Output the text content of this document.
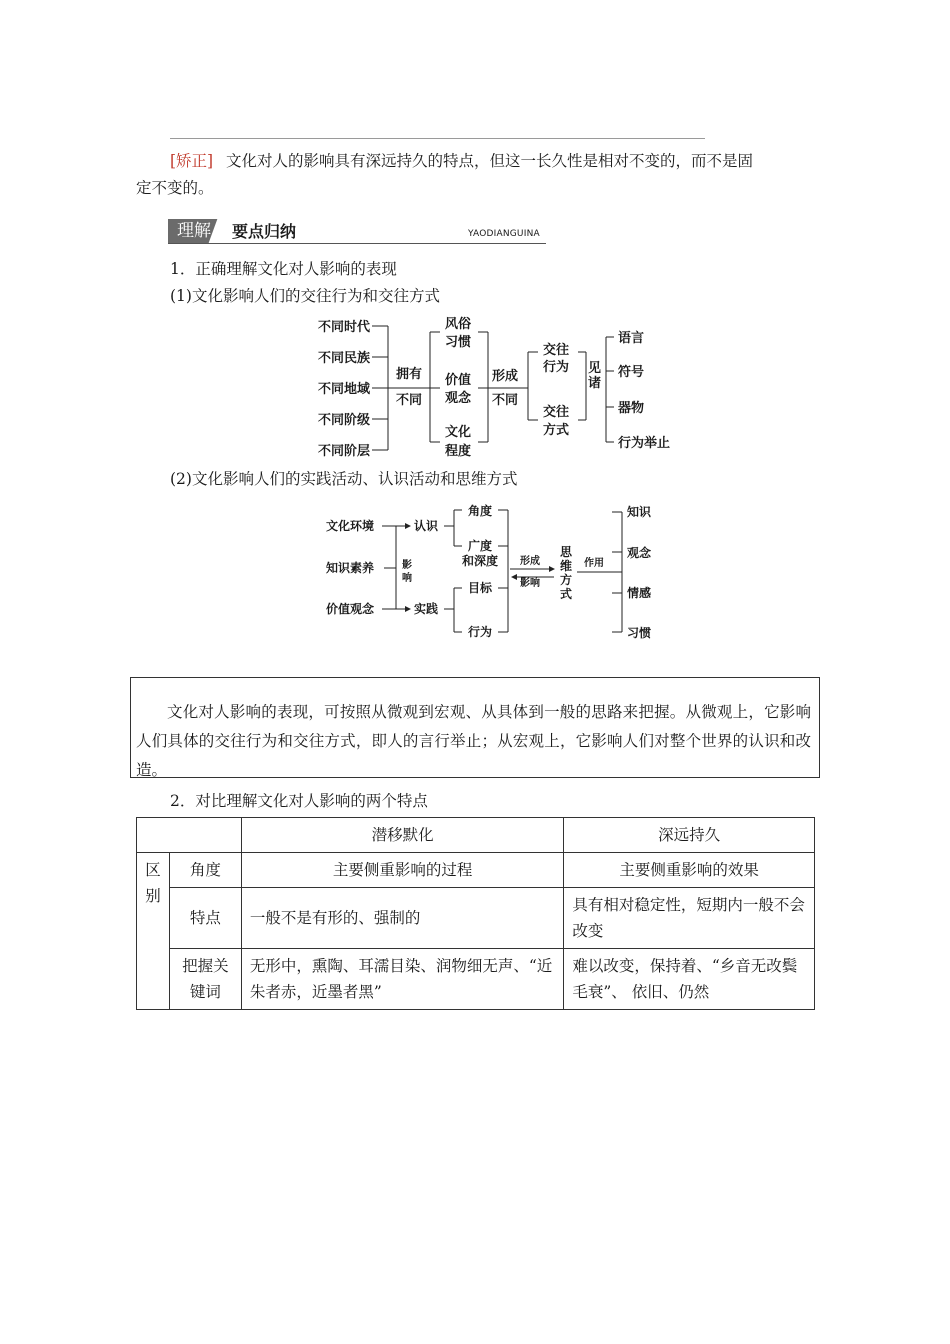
[矫正] 文化对人的影响具有深远持久的特点，但这一长久性是相对不变的，而不是固
定不变的。
理解	要点归纳	YAODIANGUINA
1．正确理解文化对人影响的表现
(1)文化影响人们的交往行为和交往方式
不同时代
不同民族
不同地域
不同阶级
不同阶层
拥有
不同
风俗
习惯
价值
观念
文化
程度
形成
不同
交往
行为
交往
方式
见
诸
语言
符号
器物
行为举止
(2)文化影响人们的实践活动、认识活动和思维方式
文化环境
知识素养
价值观念
影
响
认识
实践
角度
广度
和深度
目标
行为
形成
影响
思
维
方
式
作用
知识
观念
情感
习惯
文化对人影响的表现，可按照从微观到宏观、从具体到一般的思路来把握。从微观上，它影响人们具体的交往行为和交往方式，即人的言行举止；从宏观上，它影响人们对整个世界的认识和改造。
2．对比理解文化对人影响的两个特点
		潜移默化	深远持久
区别	角度	主要侧重影响的过程	主要侧重影响的效果
	特点	一般不是有形的、强制的	具有相对稳定性，短期内一般不会改变
	把握关键词	无形中，熏陶、耳濡目染、润物细无声、“近朱者赤，近墨者黑”	难以改变，保持着、“乡音无改鬓毛衰”、 依旧、仍然
